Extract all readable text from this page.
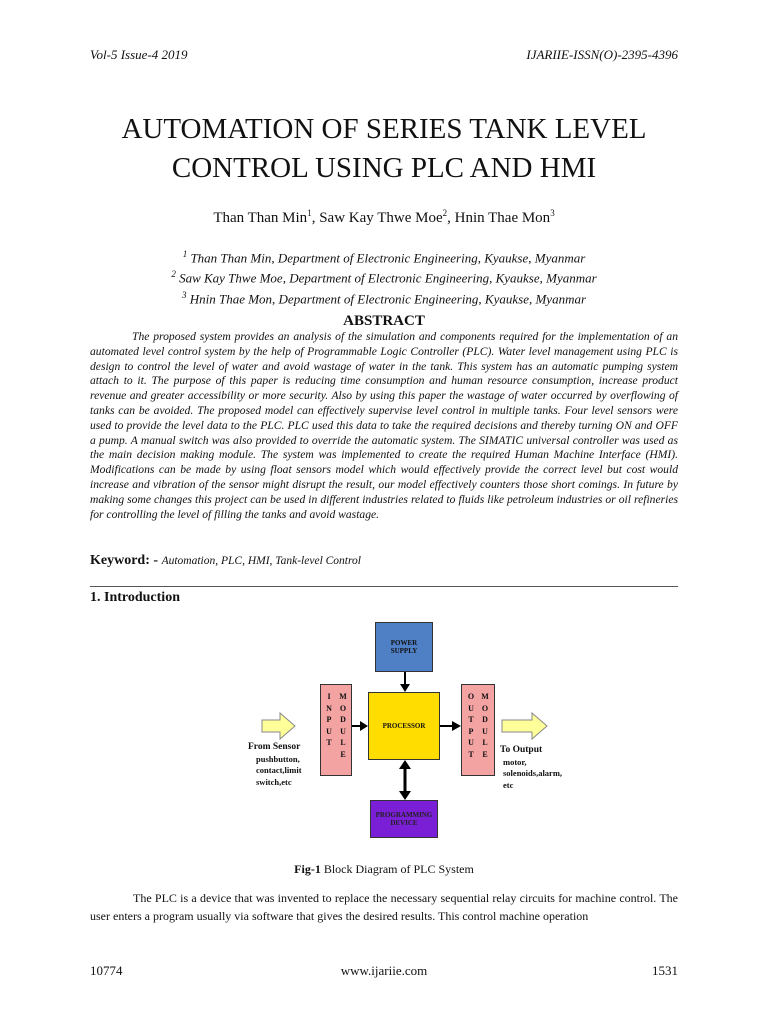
Vol-5 Issue-4 2019	IJARIIE-ISSN(O)-2395-4396
AUTOMATION OF SERIES TANK LEVEL
CONTROL USING PLC AND HMI
Than Than Min$^1$, Saw Kay Thwe Moe$^2$, Hnin Thae Mon$^3$
$^1$ Than Than Min, Department of Electronic Engineering, Kyaukse, Myanmar
$^2$ Saw Kay Thwe Moe, Department of Electronic Engineering, Kyaukse, Myanmar
$^3$ Hnin Thae Mon, Department of Electronic Engineering, Kyaukse, Myanmar
ABSTRACT
The proposed system provides an analysis of the simulation and components required for the implementation of an automated level control system by the help of Programmable Logic Controller (PLC). Water level management using PLC is design to control the level of water and avoid wastage of water in the tank. This system has an automatic pumping system attach to it. The purpose of this paper is reducing time consumption and human resource consumption, increase product revenue and greater accessibility or more security. Also by using this paper the wastage of water occurred by overflowing of tanks can be avoided. The proposed model can effectively supervise level control in multiple tanks. Four level sensors were used to provide the level data to the PLC. PLC used this data to take the required decisions and thereby turning ON and OFF a pump. A manual switch was also provided to override the automatic system. The SIMATIC universal controller was used as the main decision making module. The system was implemented to create the required Human Machine Interface (HMI). Modifications can be made by using float sensors model which would effectively provide the correct level but cost would increase and vibration of the sensor might disrupt the result, our model effectively counters those short comings. In future by making some changes this project can be used in different industries related to fluids like petroleum industries or oil refineries for controlling the level of filling the tanks and avoid wastage.
Keyword: - Automation, PLC, HMI, Tank-level Control
1. Introduction
POWER
SUPPLY
PROCESSOR
I
N
P
U
T
M
O
D
U
L
E
O
U
T
P
U
T
M
O
D
U
L
E
PROGRAMMING
DEVICE
From Sensor
pushbutton,
contact,limit
switch,etc
To Output
motor,
solenoids,alarm,
etc
Fig-1 Block Diagram of PLC System
The PLC is a device that was invented to replace the necessary sequential relay circuits for machine control. The user enters a program usually via software that gives the desired results. This control machine operation
10774	www.ijariie.com	1531
